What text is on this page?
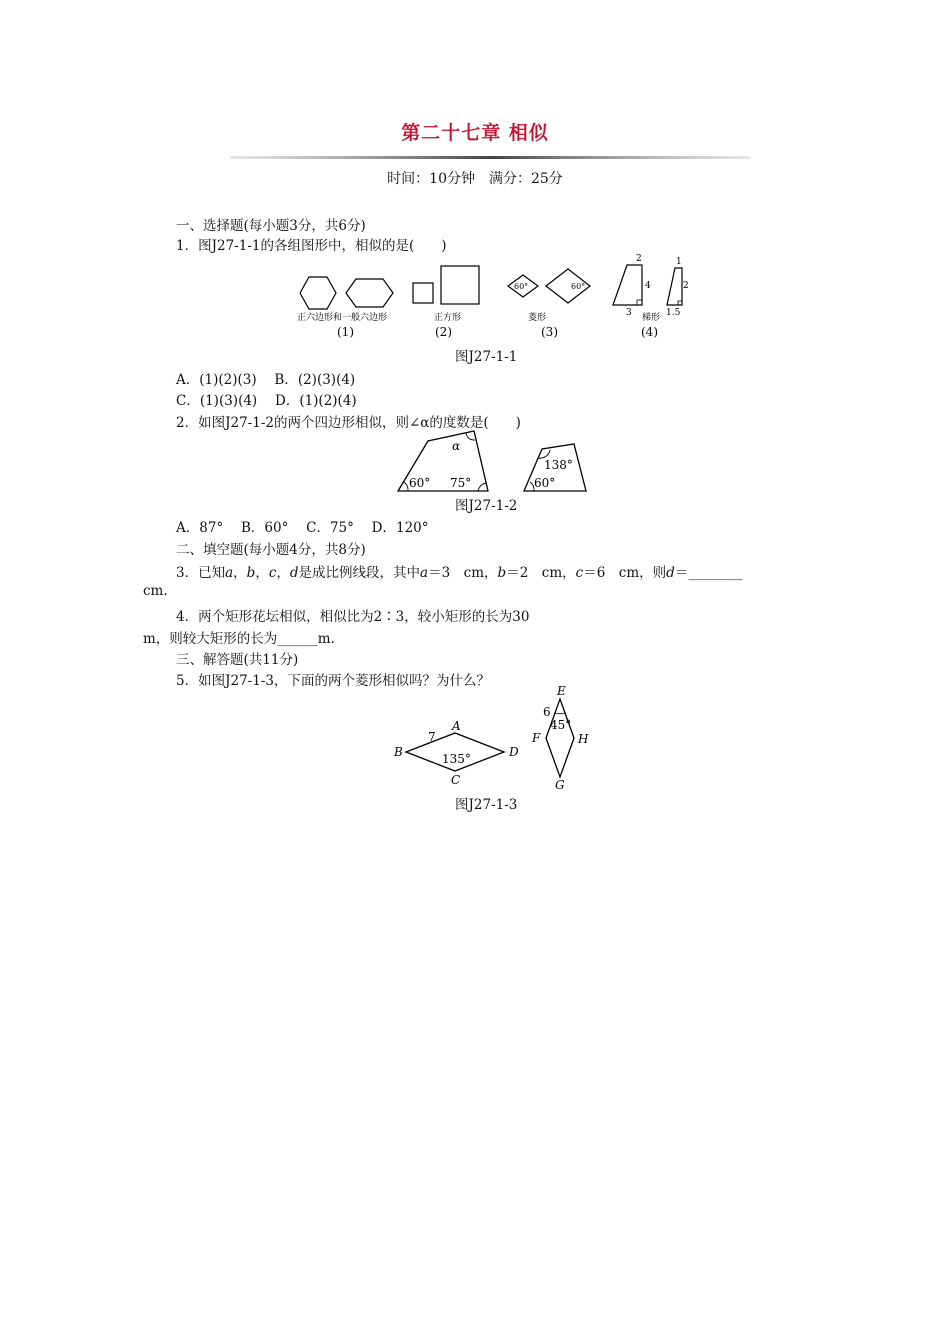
第二十七章 相似
时间：10分钟　满分：25分
一、选择题(每小题3分，共6分)
1．图J27-1-1的各组图形中，相似的是(　　)
正六边形和一般六边形
(1)
正方形
(2)
60°	60°
菱形
(3)
2
4
3
1
2
1.5
梯形
(4)
图J27-1-1
A．(1)(2)(3)　 B．(2)(3)(4)
C．(1)(3)(4)　 D．(1)(2)(4)
2．如图J27-1-2的两个四边形相似，则∠α的度数是(　　)
α
60° 75°
138°
60°
图J27-1-2
A．87°　 B．60°　 C．75°　 D．120°
二、填空题(每小题4分，共8分)
3．已知a，b，c，d是成比例线段，其中a＝3　cm，b＝2　cm，c＝6　cm，则d＝________
cm.
4．两个矩形花坛相似，相似比为2∶3，较小矩形的长为30
m，则较大矩形的长为______m.
三、解答题(共11分)
5．如图J27-1-3，下面的两个菱形相似吗？为什么？
A
B
C
D
7
135°
E
F
G
H
6
45°
图J27-1-3
